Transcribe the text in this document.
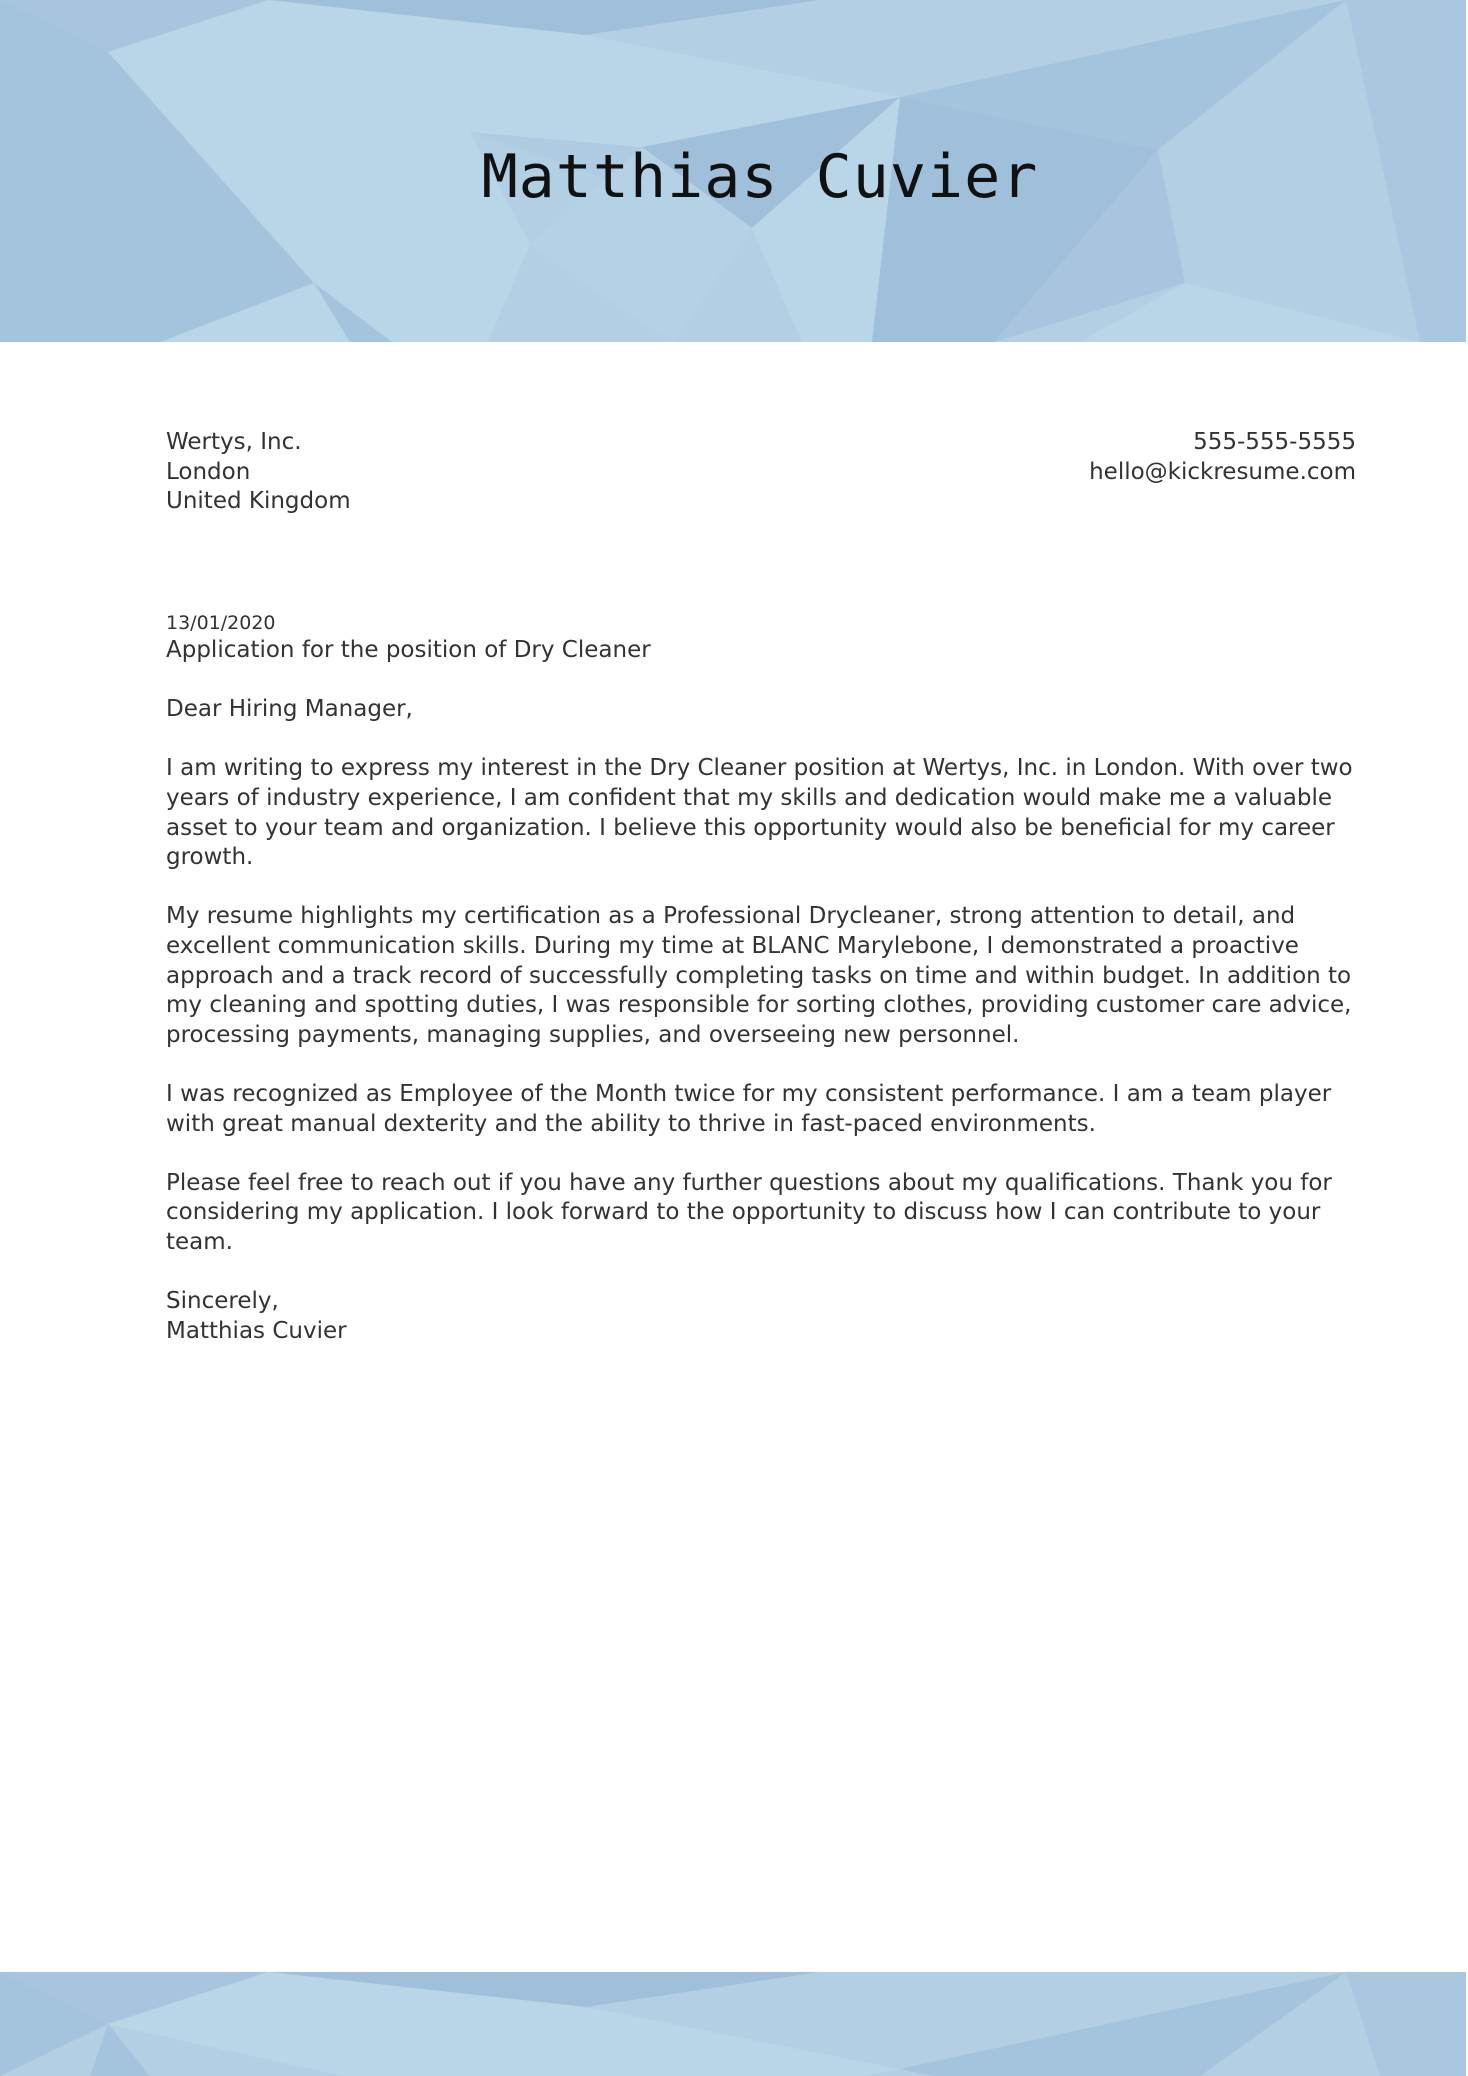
Matthias Cuvier
Wertys, Inc.
London
United Kingdom
555-555-5555
hello@kickresume.com
13/01/2020

Application for the position of Dry Cleaner

Dear Hiring Manager,

I am writing to express my interest in the Dry Cleaner position at Wertys, Inc. in London. With over two years of industry experience, I am confident that my skills and dedication would make me a valuable asset to your team and organization. I believe this opportunity would also be beneficial for my career growth.

My resume highlights my certification as a Professional Drycleaner, strong attention to detail, and excellent communication skills. During my time at BLANC Marylebone, I demonstrated a proactive approach and a track record of successfully completing tasks on time and within budget. In addition to my cleaning and spotting duties, I was responsible for sorting clothes, providing customer care advice, processing payments, managing supplies, and overseeing new personnel.

I was recognized as Employee of the Month twice for my consistent performance. I am a team player with great manual dexterity and the ability to thrive in fast-paced environments.

Please feel free to reach out if you have any further questions about my qualifications. Thank you for considering my application. I look forward to the opportunity to discuss how I can contribute to your team.

Sincerely,
Matthias Cuvier
